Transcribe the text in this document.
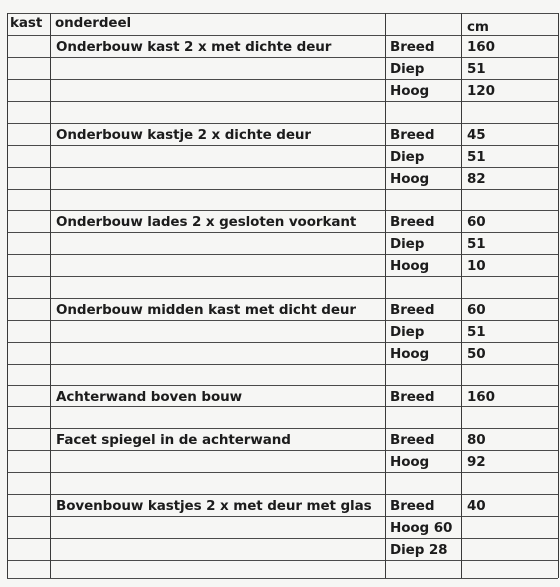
kast onderdeel	cm
Onderbouw kast 2 x met dichte deur	Breed 160
Diep	51
Hoog	120
Onderbouw kastje 2 x dichte deur	Breed 45
Diep	51
Hoog	82
Onderbouw lades 2 x gesloten voorkant	Breed 60
Diep	51
Hoog	10
Onderbouw midden kast met dicht deur	Breed 60
Diep	51
Hoog	50
Achterwand boven bouw	Breed 160
Facet spiegel in de achterwand	Breed 80
Hoog	92
Bovenbouw kastjes 2 x met deur met glas Breed 40
Hoog 60
Diep 28
